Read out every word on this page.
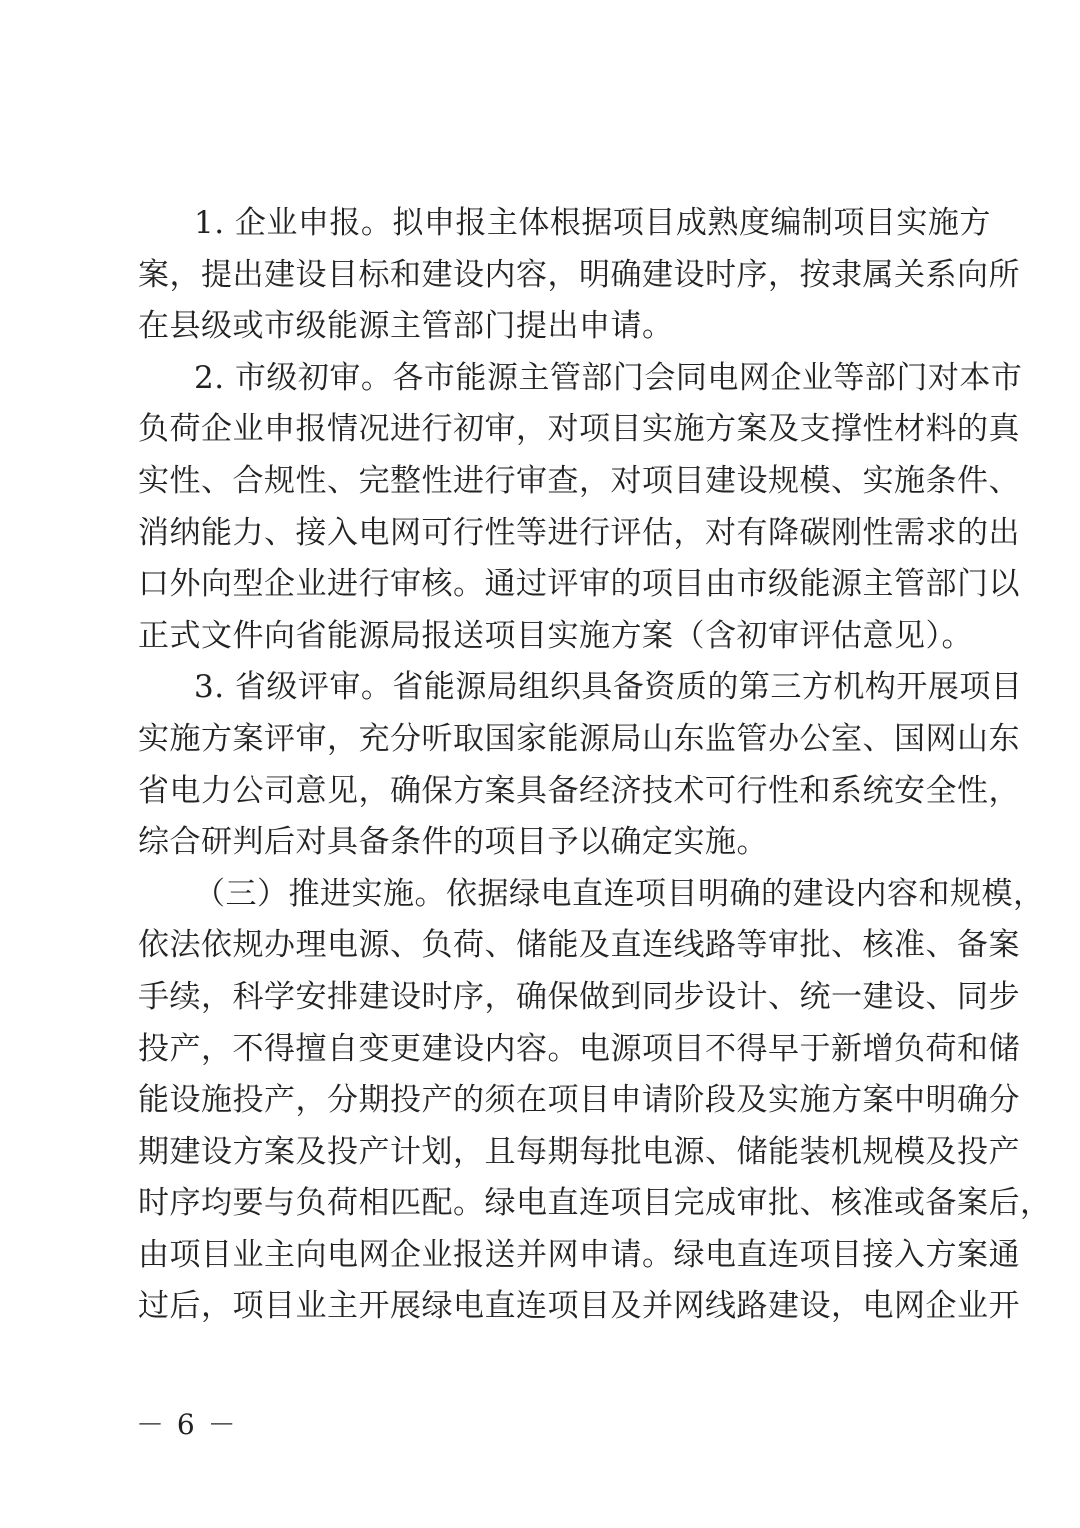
1. 企业申报。拟申报主体根据项目成熟度编制项目实施方
案，提出建设目标和建设内容，明确建设时序，按隶属关系向所
在县级或市级能源主管部门提出申请。
2. 市级初审。各市能源主管部门会同电网企业等部门对本市
负荷企业申报情况进行初审，对项目实施方案及支撑性材料的真
实性、合规性、完整性进行审查，对项目建设规模、实施条件、
消纳能力、接入电网可行性等进行评估，对有降碳刚性需求的出
口外向型企业进行审核。通过评审的项目由市级能源主管部门以
正式文件向省能源局报送项目实施方案（含初审评估意见）。
3. 省级评审。省能源局组织具备资质的第三方机构开展项目
实施方案评审，充分听取国家能源局山东监管办公室、国网山东
省电力公司意见，确保方案具备经济技术可行性和系统安全性，
综合研判后对具备条件的项目予以确定实施。
（三）推进实施。依据绿电直连项目明确的建设内容和规模，
依法依规办理电源、负荷、储能及直连线路等审批、核准、备案
手续，科学安排建设时序，确保做到同步设计、统一建设、同步
投产，不得擅自变更建设内容。电源项目不得早于新增负荷和储
能设施投产，分期投产的须在项目申请阶段及实施方案中明确分
期建设方案及投产计划，且每期每批电源、储能装机规模及投产
时序均要与负荷相匹配。绿电直连项目完成审批、核准或备案后，
由项目业主向电网企业报送并网申请。绿电直连项目接入方案通
过后，项目业主开展绿电直连项目及并网线路建设，电网企业开
－ 6 －
